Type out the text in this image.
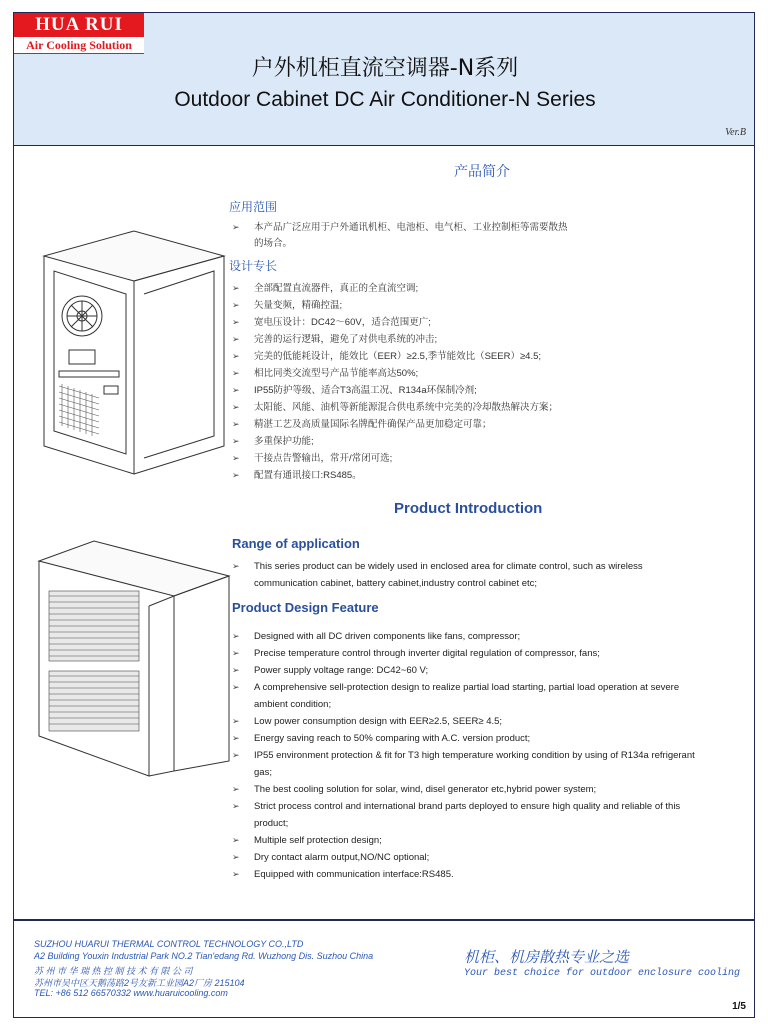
HUA RUI
Air Cooling Solution
户外机柜直流空调器-N系列
Outdoor Cabinet DC Air Conditioner-N Series
Ver.B
产品简介
应用范围
➢ 本产品广泛应用于户外通讯机柜、电池柜、电气柜、工业控制柜等需要散热
的场合。
设计专长
➢ 全部配置直流器件，真正的全直流空调;
➢ 矢量变频，精确控温;
➢ 宽电压设计：DC42～60V，适合范围更广;
➢ 完善的运行逻辑，避免了对供电系统的冲击;
➢ 完美的低能耗设计，能效比（EER）≥2.5,季节能效比（SEER）≥4.5;
➢ 相比同类交流型号产品节能率高达50%;
➢ IP55防护等级、适合T3高温工况、R134a环保制冷剂;
➢ 太阳能、风能、油机等新能源混合供电系统中完美的冷却散热解决方案；
➢ 精湛工艺及高质量国际名牌配件确保产品更加稳定可靠；
➢ 多重保护功能;
➢ 干接点告警输出，常开/常闭可选;
➢ 配置有通讯接口:RS485。
Product Introduction
Range of application
➢ This series product can be widely used in enclosed area for climate control, such as wireless
communication cabinet, battery cabinet,industry control cabinet etc;
Product Design Feature
➢ Designed with all DC driven components like fans, compressor;
➢ Precise temperature control through inverter digital regulation of compressor, fans;
➢ Power supply voltage range: DC42~60 V;
➢ A comprehensive sell-protection design to realize partial load starting, partial load operation at severe
ambient condition;
➢ Low power consumption design with EER≥2.5, SEER≥ 4.5;
➢ Energy saving reach to 50% comparing with A.C. version product;
➢ IP55 environment protection & fit for T3 high temperature working condition by using of R134a refrigerant
gas;
➢ The best cooling solution for solar, wind, disel generator etc,hybrid power system;
➢ Strict process control and international brand parts deployed to ensure high quality and reliable of this
product;
➢ Multiple self protection design;
➢ Dry contact alarm output,NO/NC optional;
➢ Equipped with communication interface:RS485.
SUZHOU HUARUI THERMAL CONTROL TECHNOLOGY CO.,LTD
A2 Building Youxin Industrial Park NO.2 Tian'edang Rd. Wuzhong Dis. Suzhou China
苏 州 市 华 瑞 热 控 制 技 术 有 限 公 司
苏州市吴中区天鹅荡路2号友新工业园A2厂房 215104
TEL: +86 512 66570332 www.huaruicooling.com
机柜、机房散热专业之选
Your best choice for outdoor enclosure cooling
1/5
